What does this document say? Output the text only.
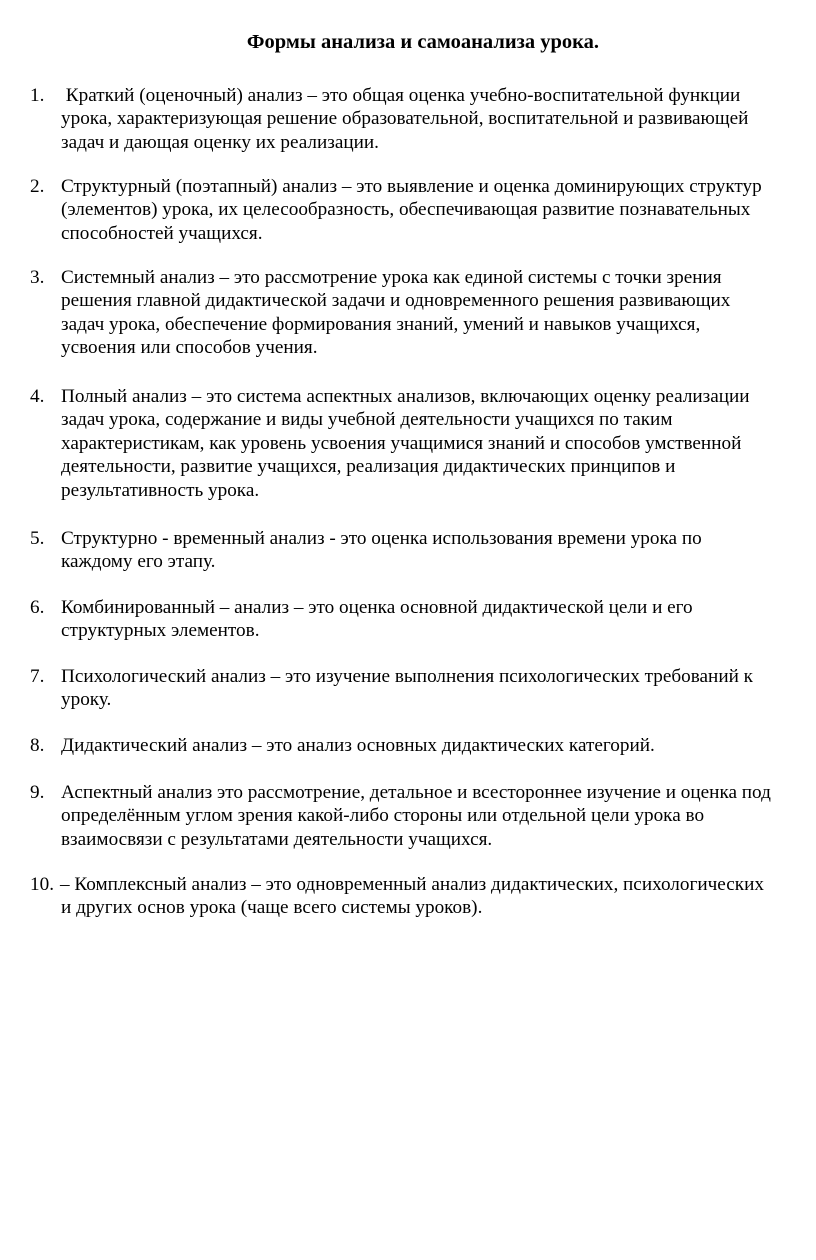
Формы анализа и самоанализа урока.
1. Краткий (оценочный) анализ – это общая оценка учебно-воспитательной функции
урока, характеризующая решение образовательной, воспитательной и развивающей
задач и дающая оценку их реализации.
2. Структурный (поэтапный) анализ – это выявление и оценка доминирующих структур
(элементов) урока, их целесообразность, обеспечивающая развитие познавательных
способностей учащихся.
3. Системный анализ – это рассмотрение урока как единой системы с точки зрения
решения главной дидактической задачи и одновременного решения развивающих
задач урока, обеспечение формирования знаний, умений и навыков учащихся,
усвоения или способов учения.
4. Полный анализ – это система аспектных анализов, включающих оценку реализации
задач урока, содержание и виды учебной деятельности учащихся по таким
характеристикам, как уровень усвоения учащимися знаний и способов умственной
деятельности, развитие учащихся, реализация дидактических принципов и
результативность урока.
5. Структурно - временный анализ - это оценка использования времени урока по
каждому его этапу.
6. Комбинированный – анализ – это оценка основной дидактической цели и его
структурных элементов.
7. Психологический анализ – это изучение выполнения психологических требований к
уроку.
8. Дидактический анализ – это анализ основных дидактических категорий.
9. Аспектный анализ это рассмотрение, детальное и всестороннее изучение и оценка под
определённым углом зрения какой-либо стороны или отдельной цели урока во
взаимосвязи с результатами деятельности учащихся.
10. – Комплексный анализ – это одновременный анализ дидактических, психологических
и других основ урока (чаще всего системы уроков).
